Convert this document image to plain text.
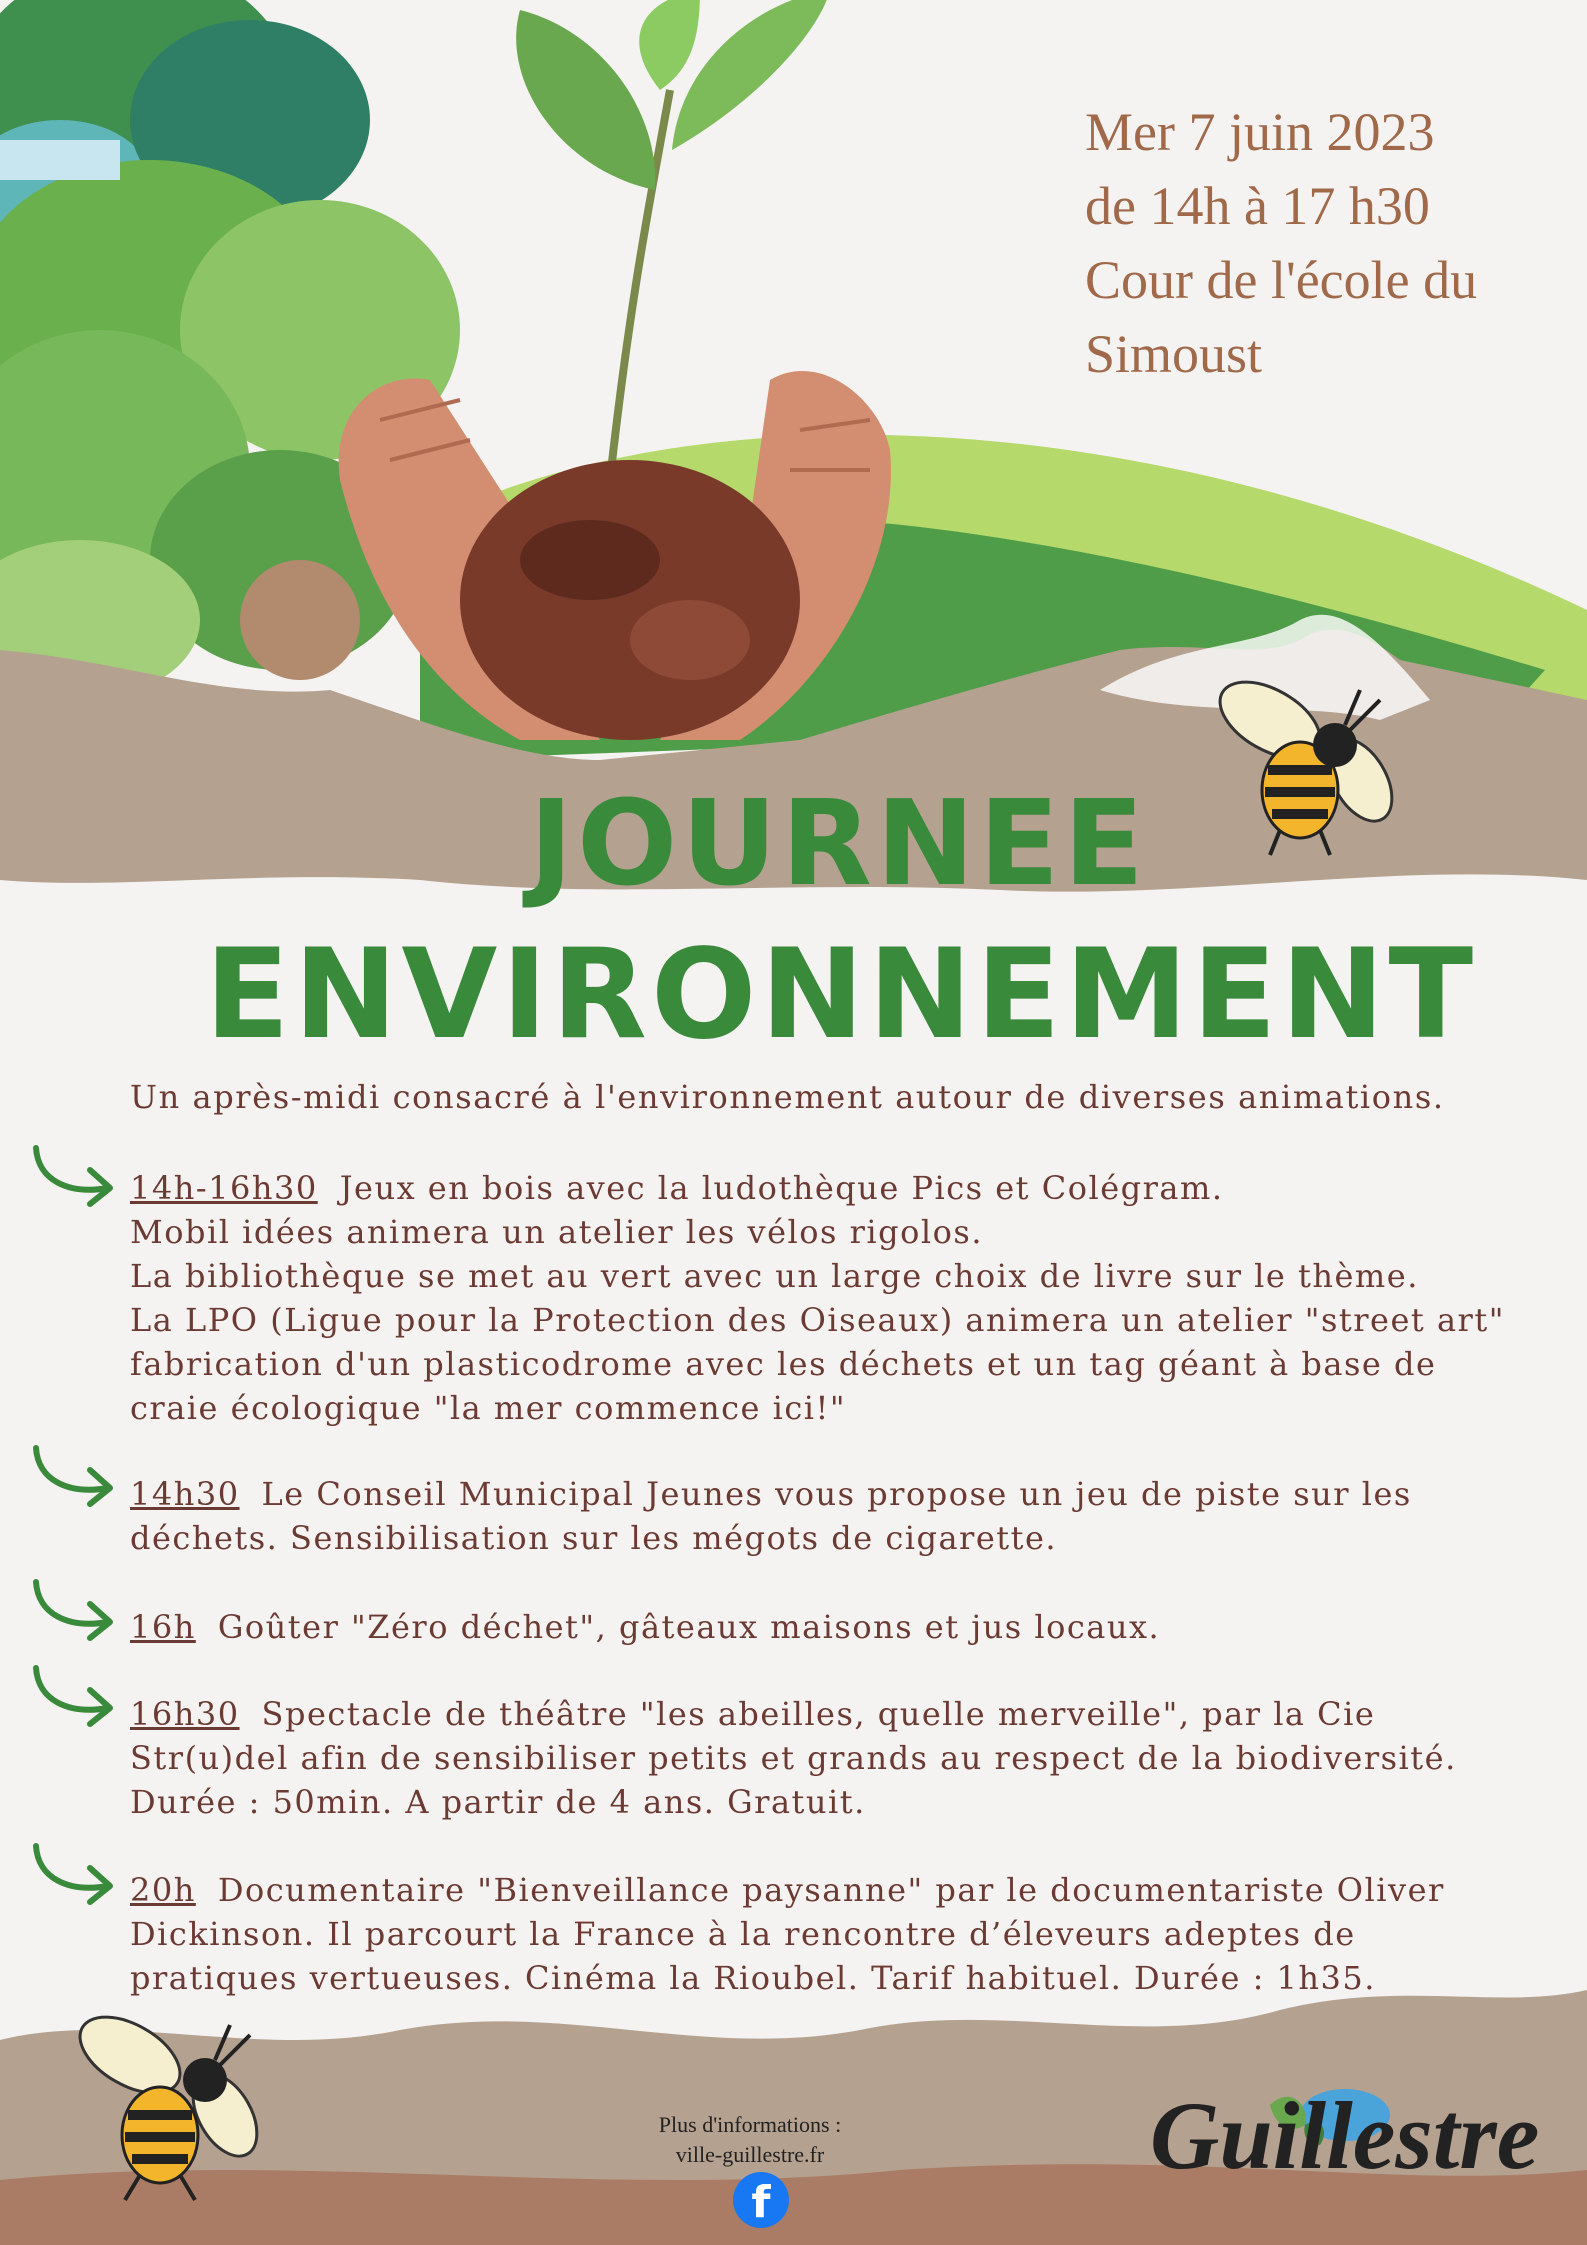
Mer 7 juin 2023
de 14h à 17 h30
Cour de l'école du
Simoust
JOURNEE
ENVIRONNEMENT
Un après-midi consacré à l'environnement autour de diverses animations.
14h-16h30 Jeux en bois avec la ludothèque Pics et Colégram.
Mobil idées animera un atelier les vélos rigolos.
La bibliothèque se met au vert avec un large choix de livre sur le thème.
La LPO (Ligue pour la Protection des Oiseaux) animera un atelier "street art"
fabrication d'un plasticodrome avec les déchets et un tag géant à base de
craie écologique "la mer commence ici!"
14h30 Le Conseil Municipal Jeunes vous propose un jeu de piste sur les
déchets. Sensibilisation sur les mégots de cigarette.
16h Goûter "Zéro déchet", gâteaux maisons et jus locaux.
16h30 Spectacle de théâtre "les abeilles, quelle merveille", par la Cie
Str(u)del afin de sensibiliser petits et grands au respect de la biodiversité.
Durée : 50min. A partir de 4 ans. Gratuit.
20h Documentaire "Bienveillance paysanne" par le documentariste Oliver
Dickinson. Il parcourt la France à la rencontre d’éleveurs adeptes de
pratiques vertueuses. Cinéma la Rioubel. Tarif habituel. Durée : 1h35.
Plus d'informations :
ville-guillestre.fr
f
Guillestre
